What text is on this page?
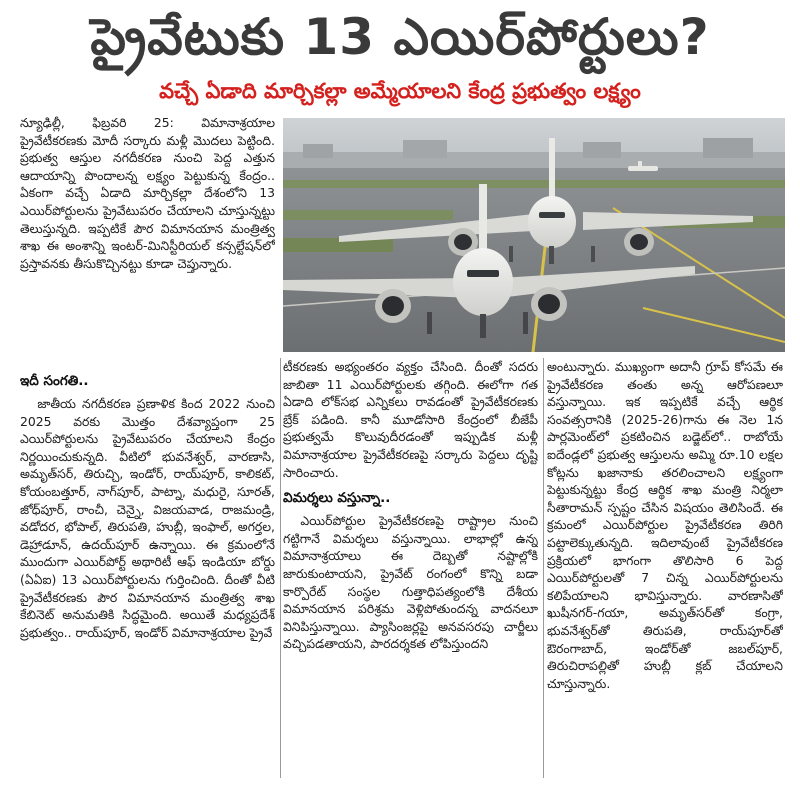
ప్రైవేటుకు 13 ఎయిర్‌పోర్టులు?
వచ్చే ఏడాది మార్చికల్లా అమ్మేయాలని కేంద్ర ప్రభుత్వం లక్ష్యం

న్యూఢిల్లీ, ఫిబ్రవరి 25: విమానాశ్రయాల ప్రైవేటీకరణకు మోదీ సర్కారు మళ్లీ మొదలు పెట్టింది. ప్రభుత్వ ఆస్తుల నగదీకరణ నుంచి పెద్ద ఎత్తున ఆదాయాన్ని పొందాలన్న లక్ష్యం పెట్టుకున్న కేంద్రం.. ఏకంగా వచ్చే ఏడాది మార్చికల్లా దేశంలోని 13 ఎయిర్‌పోర్టులను ప్రైవేటుపరం చేయాలని చూస్తున్నట్టు తెలుస్తున్నది. ఇప్పటికే పౌర విమానయాన మంత్రిత్వ శాఖ ఈ అంశాన్ని ఇంటర్-మినిస్టీరియల్ కన్సల్టేషన్‌లో ప్రస్తావనకు తీసుకొచ్చినట్టు కూడా చెప్తున్నారు.

ఇదీ సంగతి..

జాతీయ నగదీకరణ ప్రణాళిక కింద 2022 నుంచి 2025 వరకు మొత్తం దేశవ్యాప్తంగా 25 ఎయిర్‌పోర్టులను ప్రైవేటుపరం చేయాలని కేంద్రం నిర్ణయించుకున్నది. వీటిలో భువనేశ్వర్, వారణాసి, అమృత్‌సర్, తిరుచ్చి, ఇండోర్, రాయ్‌పూర్, కాలికట్, కోయంబత్తూర్, నాగ్‌పూర్, పాట్నా, మధురై, సూరత్, జోధ్‌పూర్, రాంచీ, చెన్నై, విజయవాడ, రాజమండ్రి, వడోదర, భోపాల్, తిరుపతి, హుబ్లీ, ఇంఫాల్, అగర్తల, డెహ్రాడూన్, ఉదయ్‌పూర్ ఉన్నాయి. ఈ క్రమంలోనే ముందుగా ఎయిర్‌పోర్ట్ అథారిటీ ఆఫ్ ఇండియా బోర్డు (ఏఏఐ) 13 ఎయిర్‌పోర్టులను గుర్తించింది. దీంతో వీటి ప్రైవేటీకరణకు పౌర విమానయాన మంత్రిత్వ శాఖ కేబినెట్ అనుమతికి సిద్ధమైంది. అయితే మధ్యప్రదేశ్ ప్రభుత్వం.. రాయ్‌పూర్, ఇండోర్ విమానాశ్రయాల ప్రైవే

టీకరణకు అభ్యంతరం వ్యక్తం చేసింది. దీంతో సదరు జాబితా 11 ఎయిర్‌పోర్టులకు తగ్గింది. ఈలోగా గత ఏడాది లోక్‌సభ ఎన్నికలు రావడంతో ప్రైవేటీకరణకు బ్రేక్ పడింది. కానీ మూడోసారి కేంద్రంలో బీజేపీ ప్రభుత్వమే కొలువుదీరడంతో ఇప్పుడిక మళ్లీ విమానాశ్రయాల ప్రైవేటీకరణపై సర్కారు పెద్దలు దృష్టి సారించారు.

విమర్శలు వస్తున్నా..

ఎయిర్‌పోర్టుల ప్రైవేటీకరణపై రాష్ట్రాల నుంచి గట్టిగానే విమర్శలు వస్తున్నాయి. లాభాల్లో ఉన్న విమానాశ్రయాలు ఈ దెబ్బతో నష్టాల్లోకి జారుకుంటాయని, ప్రైవేట్ రంగంలో కొన్ని బడా కార్పొరేట్ సంస్థల గుత్తాధిపత్యంలోకి దేశీయ విమానయాన పరిశ్రమ వెళ్లిపోతుందన్న వాదనలూ వినిపిస్తున్నాయి. ప్యాసింజర్లపై అనవసరపు చార్జీలు వచ్చిపడతాయని, పారదర్శకత లోపిస్తుందని

అంటున్నారు. ముఖ్యంగా అదానీ గ్రూప్ కోసమే ఈ ప్రైవేటీకరణ తంతు అన్న ఆరోపణలూ వస్తున్నాయి. ఇక ఇప్పటికే వచ్చే ఆర్థిక సంవత్సరానికి (2025-26)గాను ఈ నెల 1న పార్లమెంట్‌లో ప్రకటించిన బడ్జెట్‌లో.. రాబోయే ఐదేండ్లలో ప్రభుత్వ ఆస్తులను అమ్మి రూ.10 లక్షల కోట్లను ఖజానాకు తరలించాలని లక్ష్యంగా పెట్టుకున్నట్టు కేంద్ర ఆర్థిక శాఖ మంత్రి నిర్మలా సీతారామన్ స్పష్టం చేసిన విషయం తెలిసిందే. ఈ క్రమంలో ఎయిర్‌పోర్టుల ప్రైవేటీకరణ తిరిగి పట్టాలెక్కుతున్నది. ఇదిలావుంటే ప్రైవేటీకరణ ప్రక్రియలో భాగంగా తొలిసారి 6 పెద్ద ఎయిర్‌పోర్టులతో 7 చిన్న ఎయిర్‌పోర్టులను కలిపేయాలని భావిస్తున్నారు. వారణాసితో ఖుషీనగర్-గయా, అమృత్‌సర్‌తో కంగ్రా, భువనేశ్వర్‌తో తిరుపతి, రాయ్‌పూర్‌తో ఔరంగాబాద్, ఇండోర్‌తో జబల్‌పూర్, తిరుచిరాపల్లితో హుబ్లీ క్లబ్ చేయాలని చూస్తున్నారు.
